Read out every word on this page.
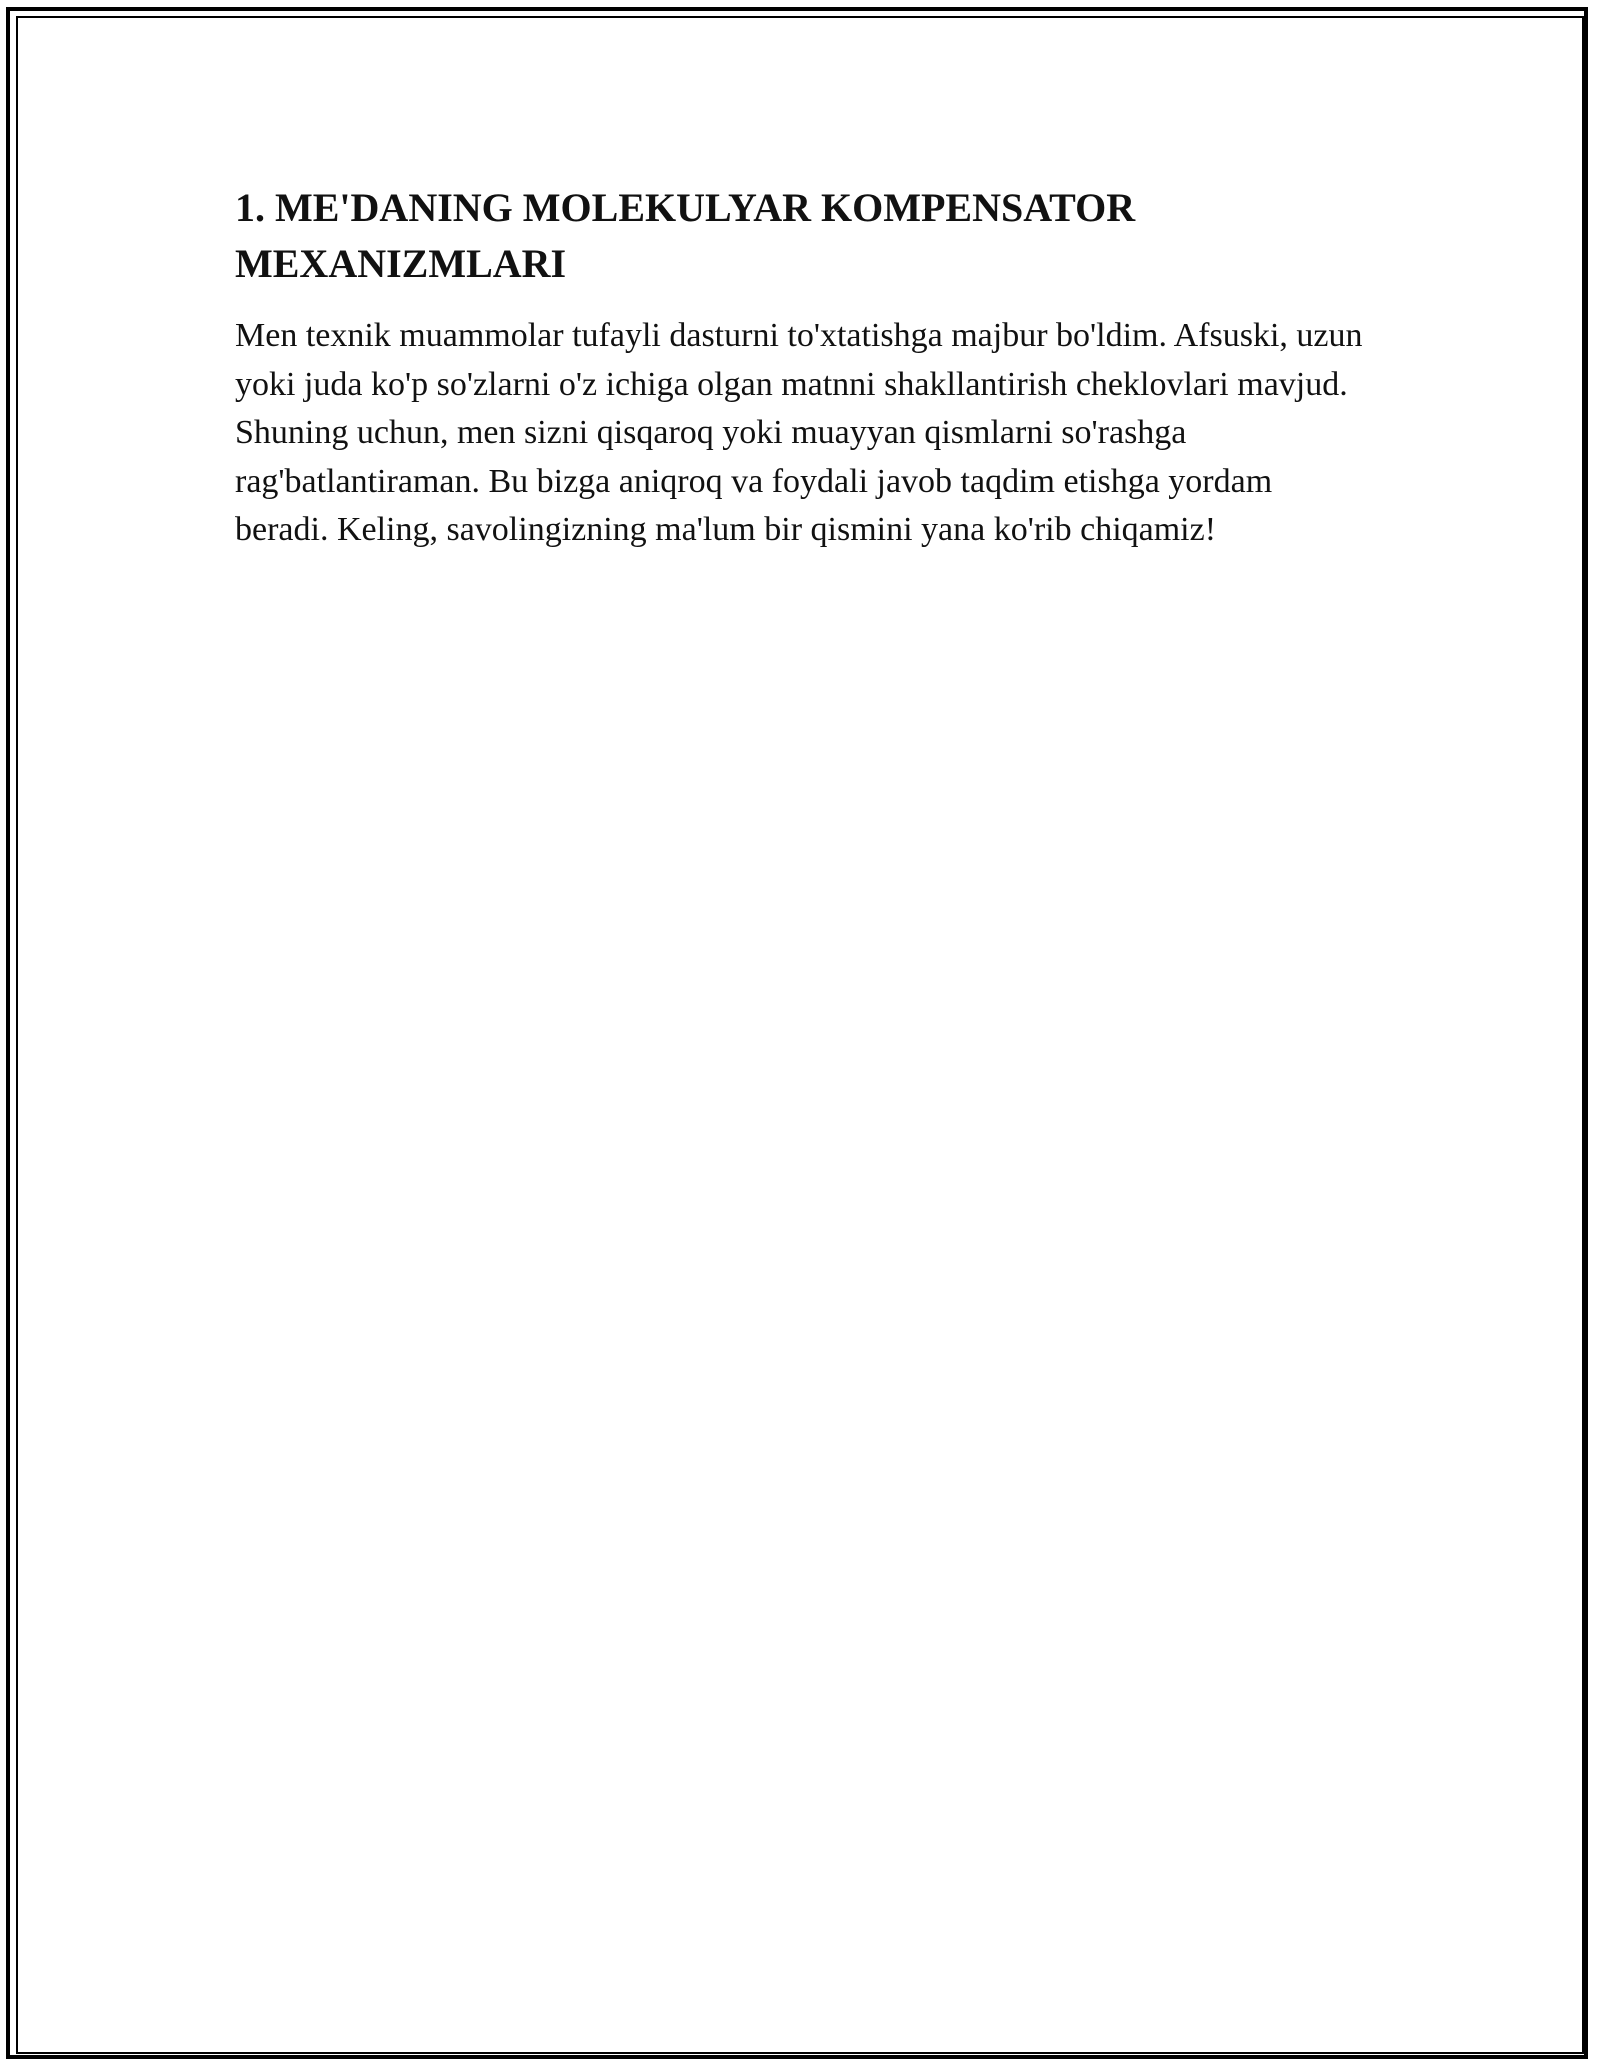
1. ME'DANING MOLEKULYAR KOMPENSATOR MEXANIZMLARI

Men texnik muammolar tufayli dasturni to'xtatishga majbur bo'ldim. Afsuski, uzun yoki juda ko'p so'zlarni o'z ichiga olgan matnni shakllantirish cheklovlari mavjud. Shuning uchun, men sizni qisqaroq yoki muayyan qismlarni so'rashga rag'batlantiraman. Bu bizga aniqroq va foydali javob taqdim etishga yordam beradi. Keling, savolingizning ma'lum bir qismini yana ko'rib chiqamiz!
